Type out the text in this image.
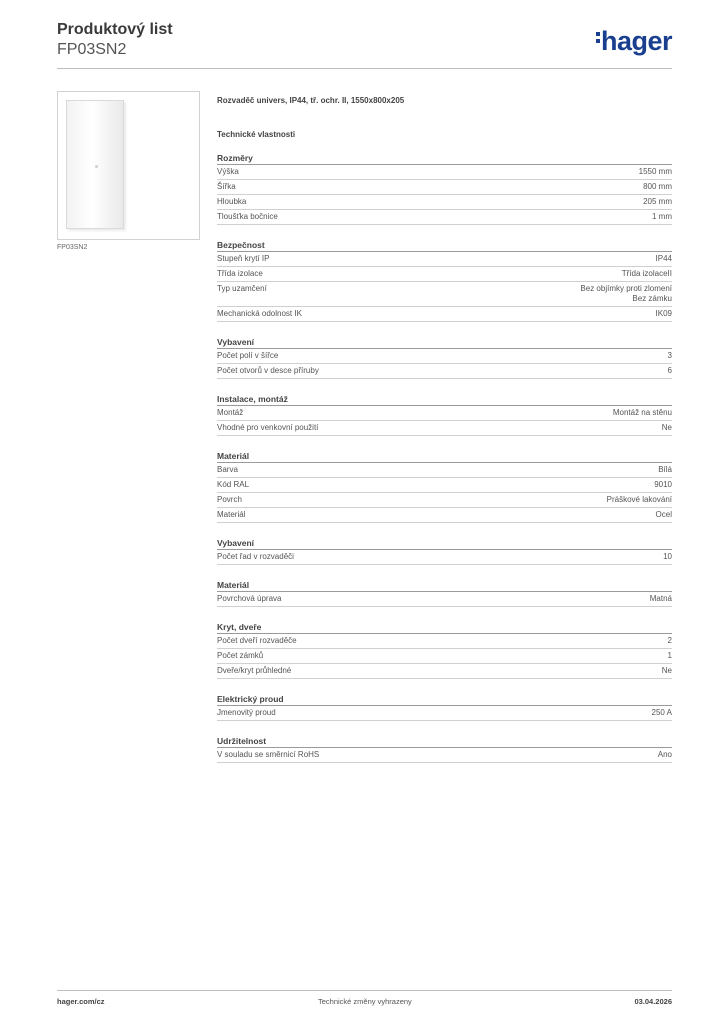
Produktový list
FP03SN2	hager
FP03SN2
Rozvaděč univers, IP44, tř. ochr. II, 1550x800x205
Technické vlastnosti
Rozměry
Výška	1550 mm
Šířka	800 mm
Hloubka	205 mm
Tloušťka bočnice	1 mm
Bezpečnost
Stupeň krytí IP	IP44
Třída izolace	Třída izolaceII
Typ uzamčení	Bez objímky proti zlomení
Bez zámku
Mechanická odolnost IK	IK09
Vybavení
Počet polí v šířce	3
Počet otvorů v desce příruby	6
Instalace, montáž
Montáž	Montáž na stěnu
Vhodné pro venkovní použití	Ne
Materiál
Barva	Bílá
Kód RAL	9010
Povrch	Práškové lakování
Materiál	Ocel
Vybavení
Počet řad v rozvaděči	10
Materiál
Povrchová úprava	Matná
Kryt, dveře
Počet dveří rozvaděče	2
Počet zámků	1
Dveře/kryt průhledné	Ne
Elektrický proud
Jmenovitý proud	250 A
Udržitelnost
V souladu se směrnicí RoHS	Ano
hager.com/cz	Technické změny vyhrazeny	03.04.2026
